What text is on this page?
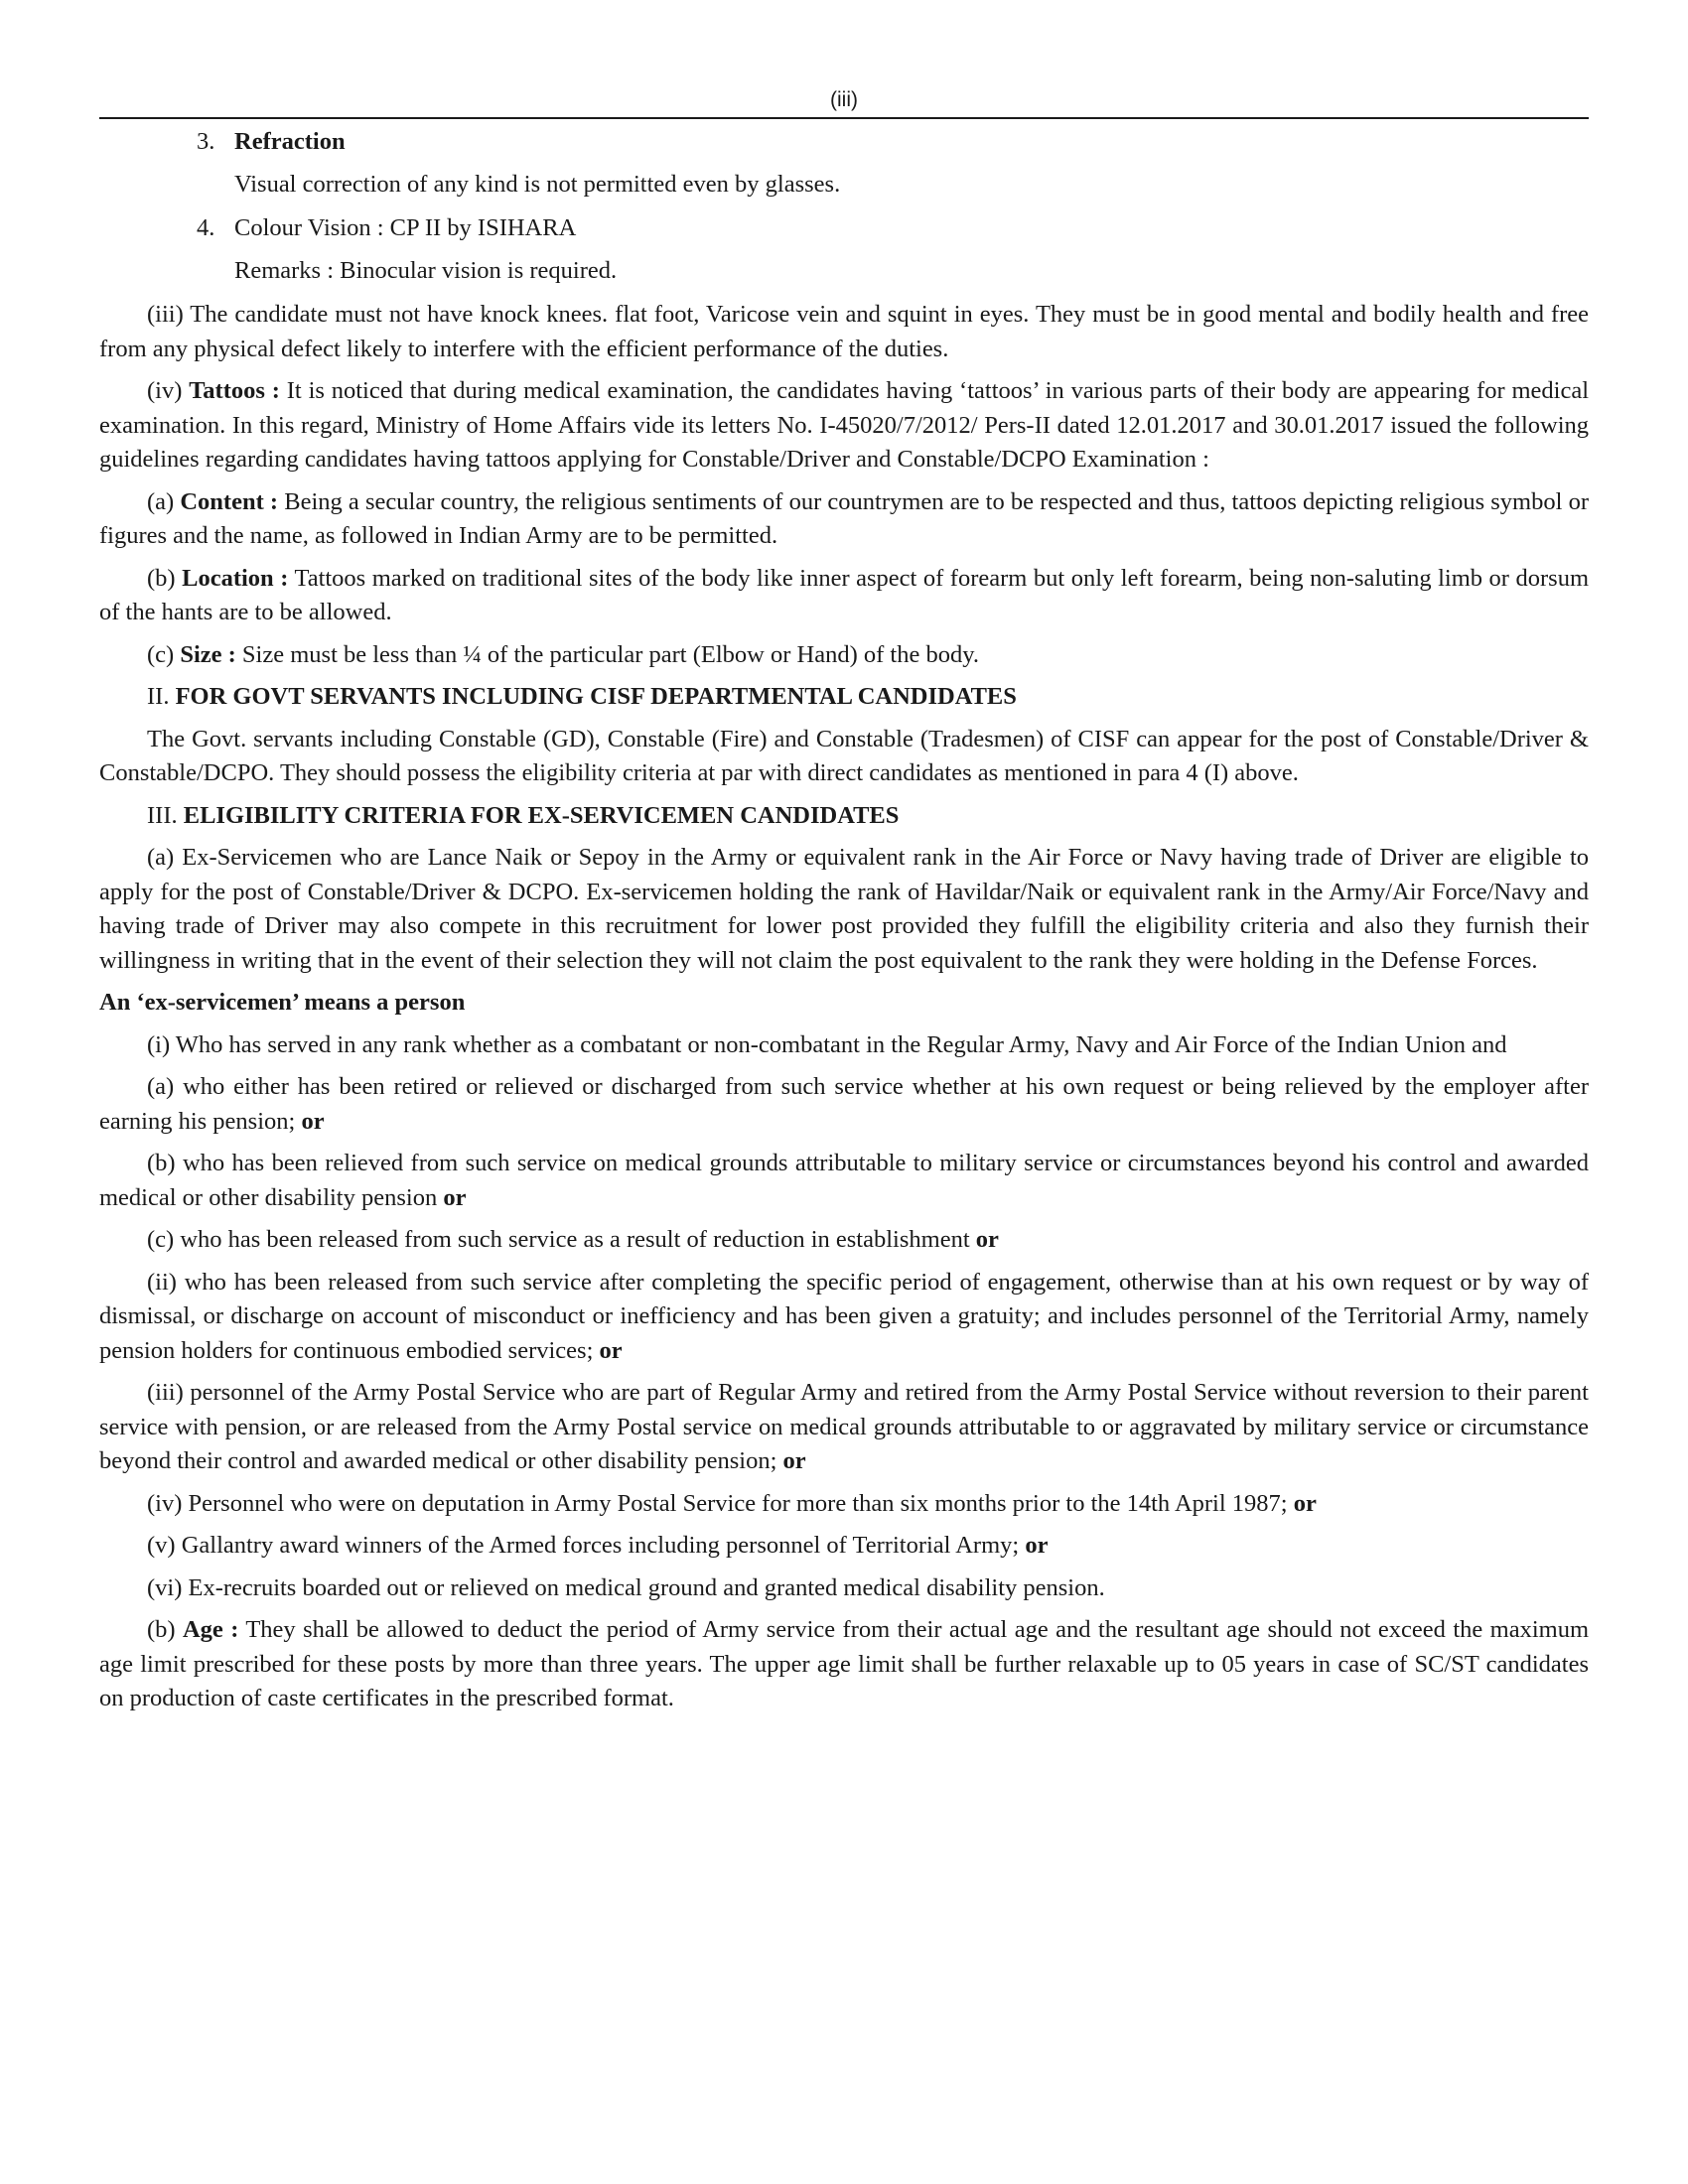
(iii)
3. Refraction
Visual correction of any kind is not permitted even by glasses.
4. Colour Vision : CP II by ISIHARA
Remarks : Binocular vision is required.

(iii) The candidate must not have knock knees. flat foot, Varicose vein and squint in eyes. They must be in good mental and bodily health and free from any physical defect likely to interfere with the efficient performance of the duties.

(iv) Tattoos : It is noticed that during medical examination, the candidates having ‘tattoos’ in various parts of their body are appearing for medical examination. In this regard, Ministry of Home Affairs vide its letters No. I-45020/7/2012/ Pers-II dated 12.01.2017 and 30.01.2017 issued the following guidelines regarding candidates having tattoos applying for Constable/Driver and Constable/DCPO Examination :

(a) Content : Being a secular country, the religious sentiments of our countrymen are to be respected and thus, tattoos depicting religious symbol or figures and the name, as followed in Indian Army are to be permitted.

(b) Location : Tattoos marked on traditional sites of the body like inner aspect of forearm but only left forearm, being non-saluting limb or dorsum of the hants are to be allowed.

(c) Size : Size must be less than ¼ of the particular part (Elbow or Hand) of the body.

II. FOR GOVT SERVANTS INCLUDING CISF DEPARTMENTAL CANDIDATES

The Govt. servants including Constable (GD), Constable (Fire) and Constable (Tradesmen) of CISF can appear for the post of Constable/Driver & Constable/DCPO. They should possess the eligibility criteria at par with direct candidates as mentioned in para 4 (I) above.

III. ELIGIBILITY CRITERIA FOR EX-SERVICEMEN CANDIDATES

(a) Ex-Servicemen who are Lance Naik or Sepoy in the Army or equivalent rank in the Air Force or Navy having trade of Driver are eligible to apply for the post of Constable/Driver & DCPO. Ex-servicemen holding the rank of Havildar/Naik or equivalent rank in the Army/Air Force/Navy and having trade of Driver may also compete in this recruitment for lower post provided they fulfill the eligibility criteria and also they furnish their willingness in writing that in the event of their selection they will not claim the post equivalent to the rank they were holding in the Defense Forces.

An ‘ex-servicemen’ means a person

(i) Who has served in any rank whether as a combatant or non-combatant in the Regular Army, Navy and Air Force of the Indian Union and

(a) who either has been retired or relieved or discharged from such service whether at his own request or being relieved by the employer after earning his pension; or

(b) who has been relieved from such service on medical grounds attributable to military service or circumstances beyond his control and awarded medical or other disability pension or

(c) who has been released from such service as a result of reduction in establishment or

(ii) who has been released from such service after completing the specific period of engagement, otherwise than at his own request or by way of dismissal, or discharge on account of misconduct or inefficiency and has been given a gratuity; and includes personnel of the Territorial Army, namely pension holders for continuous embodied services; or

(iii) personnel of the Army Postal Service who are part of Regular Army and retired from the Army Postal Service without reversion to their parent service with pension, or are released from the Army Postal service on medical grounds attributable to or aggravated by military service or circumstance beyond their control and awarded medical or other disability pension; or

(iv) Personnel who were on deputation in Army Postal Service for more than six months prior to the 14th April 1987; or

(v) Gallantry award winners of the Armed forces including personnel of Territorial Army; or

(vi) Ex-recruits boarded out or relieved on medical ground and granted medical disability pension.

(b) Age : They shall be allowed to deduct the period of Army service from their actual age and the resultant age should not exceed the maximum age limit prescribed for these posts by more than three years. The upper age limit shall be further relaxable up to 05 years in case of SC/ST candidates on production of caste certificates in the prescribed format.
